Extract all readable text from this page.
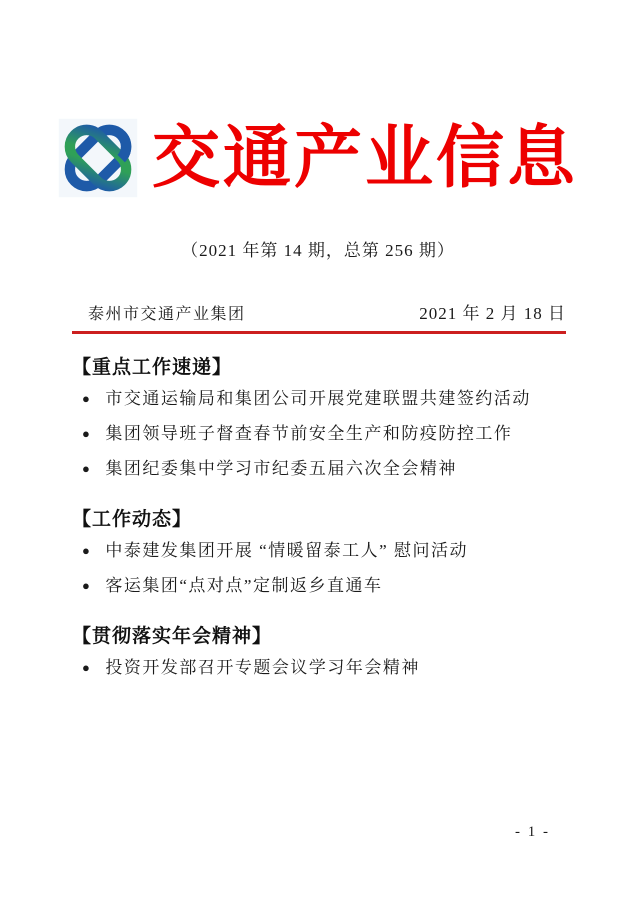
交通产业信息
（2021 年第 14 期，总第 256 期）
泰州市交通产业集团	2021 年 2 月 18 日
【重点工作速递】
● 市交通运输局和集团公司开展党建联盟共建签约活动
● 集团领导班子督查春节前安全生产和防疫防控工作
● 集团纪委集中学习市纪委五届六次全会精神
【工作动态】
● 中泰建发集团开展 “情暖留泰工人” 慰问活动
● 客运集团“点对点”定制返乡直通车
【贯彻落实年会精神】
● 投资开发部召开专题会议学习年会精神
- 1 -
